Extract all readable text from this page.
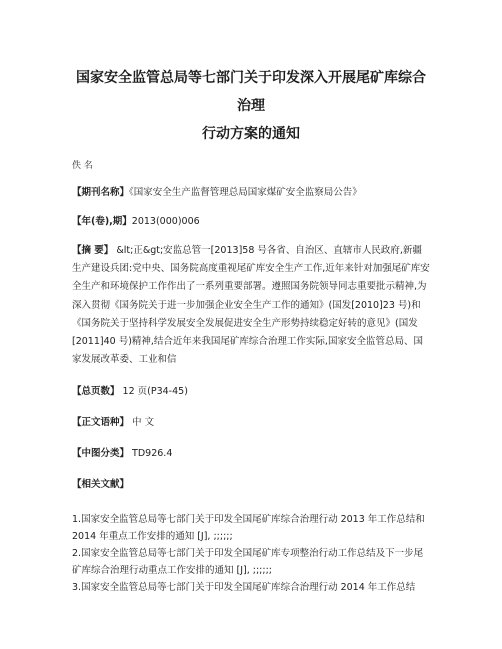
国家安全监管总局等七部门关于印发深入开展尾矿库综合治理
行动方案的通知
佚 名
【期刊名称】《国家安全生产监督管理总局国家煤矿安全监察局公告》
【年(卷),期】2013(000)006
【摘 要】 &lt;正&gt;安监总管一[2013]58 号各省、自治区、直辖市人民政府,新疆生产建设兵团:党中央、国务院高度重视尾矿库安全生产工作,近年来针对加强尾矿库安全生产和环境保护工作作出了一系列重要部署。遵照国务院领导同志重要批示精神,为深入贯彻《国务院关于进一步加强企业安全生产工作的通知》(国发[2010]23 号)和《国务院关于坚持科学发展安全发展促进安全生产形势持续稳定好转的意见》(国发[2011]40 号)精神,结合近年来我国尾矿库综合治理工作实际,国家安全监管总局、国家发展改革委、工业和信
【总页数】 12 页(P34-45)
【正文语种】 中 文
【中图分类】 TD926.4
【相关文献】

1.国家安全监管总局等七部门关于印发全国尾矿库综合治理行动 2013 年工作总结和 2014 年重点工作安排的通知 [J], ;;;;;;

2.国家安全监管总局等七部门关于印发全国尾矿库专项整治行动工作总结及下一步尾矿库综合治理行动重点工作安排的通知 [J], ;;;;;;

3.国家安全监管总局等七部门关于印发全国尾矿库综合治理行动 2014 年工作总结
